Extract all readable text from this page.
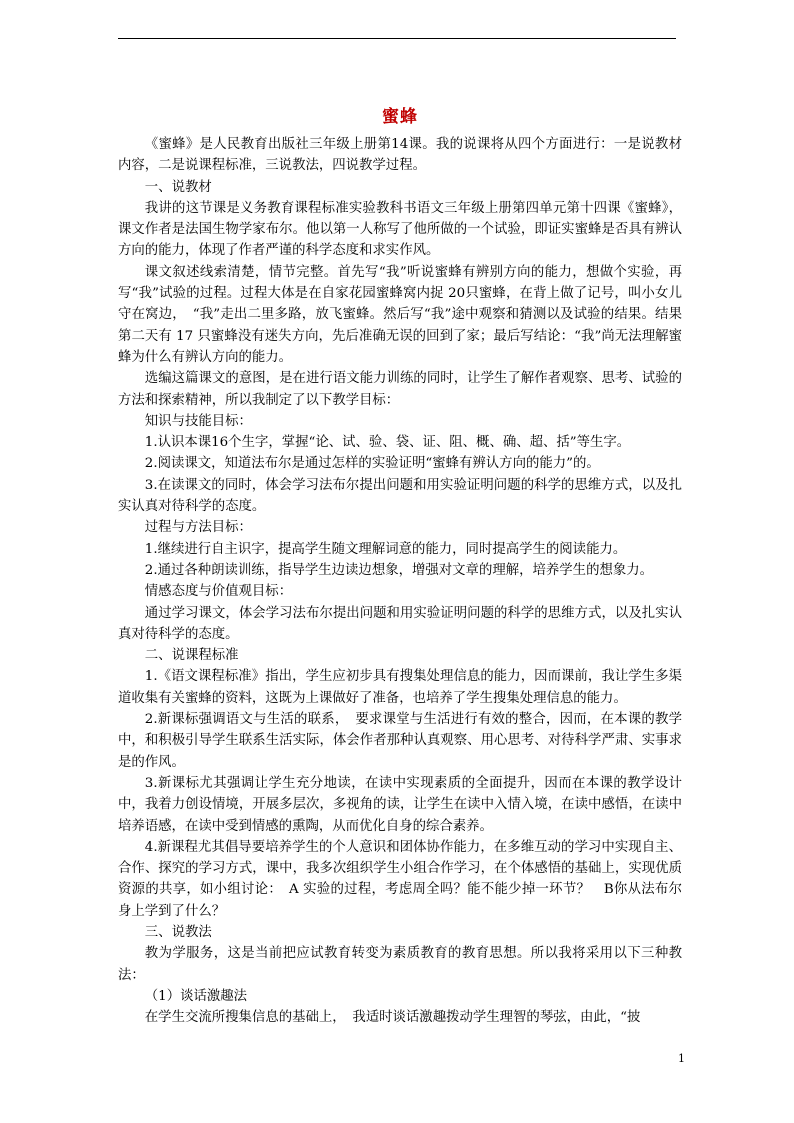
蜜蜂

《蜜蜂》是人民教育出版社三年级上册第14课。我的说课将从四个方面进行：一是说教材内容，二是说课程标准，三说教法，四说教学过程。

一、说教材

我讲的这节课是义务教育课程标准实验教科书语文三年级上册第四单元第十四课《蜜蜂》，课文作者是法国生物学家布尔。他以第一人称写了他所做的一个试验，即证实蜜蜂是否具有辨认方向的能力，体现了作者严谨的科学态度和求实作风。

课文叙述线索清楚，情节完整。首先写“我”听说蜜蜂有辨别方向的能力，想做个实验，再写“我”试验的过程。过程大体是在自家花园蜜蜂窝内捉 20只蜜蜂，在背上做了记号，叫小女儿守在窝边，　“我”走出二里多路，放飞蜜蜂。然后写“我”途中观察和猜测以及试验的结果。结果第二天有 17 只蜜蜂没有迷失方向，先后准确无误的回到了家；最后写结论：“我”尚无法理解蜜蜂为什么有辨认方向的能力。

选编这篇课文的意图，是在进行语文能力训练的同时，让学生了解作者观察、思考、试验的方法和探索精神，所以我制定了以下教学目标：

知识与技能目标：

1.认识本课16个生字，掌握“论、试、验、袋、证、阻、概、确、超、括”等生字。

2.阅读课文，知道法布尔是通过怎样的实验证明“蜜蜂有辨认方向的能力”的。

3.在读课文的同时，体会学习法布尔提出问题和用实验证明问题的科学的思维方式，以及扎实认真对待科学的态度。

过程与方法目标：

1.继续进行自主识字，提高学生随文理解词意的能力，同时提高学生的阅读能力。

2.通过各种朗读训练，指导学生边读边想象，增强对文章的理解，培养学生的想象力。

情感态度与价值观目标：

通过学习课文，体会学习法布尔提出问题和用实验证明问题的科学的思维方式，以及扎实认真对待科学的态度。

二、说课程标准

1.《语文课程标准》指出，学生应初步具有搜集处理信息的能力，因而课前，我让学生多渠道收集有关蜜蜂的资料，这既为上课做好了准备，也培养了学生搜集处理信息的能力。

2.新课标强调语文与生活的联系，　要求课堂与生活进行有效的整合，因而，在本课的教学中，和积极引导学生联系生活实际，体会作者那种认真观察、用心思考、对待科学严肃、实事求是的作风。

3.新课标尤其强调让学生充分地读，在读中实现素质的全面提升，因而在本课的教学设计中，我着力创设情境，开展多层次，多视角的读，让学生在读中入情入境，在读中感悟，在读中培养语感，在读中受到情感的熏陶，从而优化自身的综合素养。

4.新课程尤其倡导要培养学生的个人意识和团体协作能力，在多维互动的学习中实现自主、合作、探究的学习方式，课中，我多次组织学生小组合作学习，在个体感悟的基础上，实现优质资源的共享，如小组讨论：　A 实验的过程，考虑周全吗？能不能少掉一环节？　B你从法布尔身上学到了什么？

三、说教法

教为学服务，这是当前把应试教育转变为素质教育的教育思想。所以我将采用以下三种教法：

（1）谈话激趣法

在学生交流所搜集信息的基础上，　我适时谈话激趣拨动学生理智的琴弦，由此，“披

1
